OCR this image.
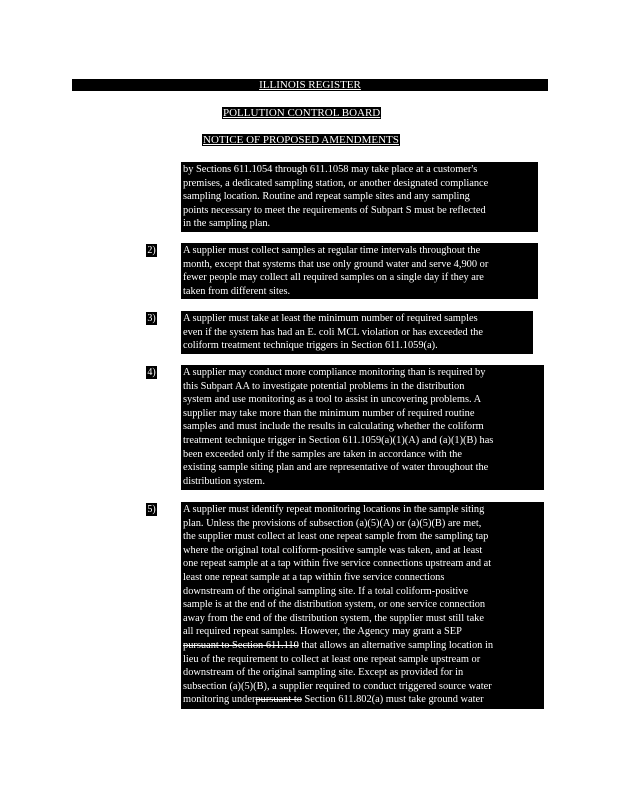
ILLINOIS REGISTER
POLLUTION CONTROL BOARD
NOTICE OF PROPOSED AMENDMENTS
by Sections 611.1054 through 611.1058 may take place at a customer's
premises, a dedicated sampling station, or another designated compliance
sampling location. Routine and repeat sample sites and any sampling
points necessary to meet the requirements of Subpart S must be reflected
in the sampling plan.
2)	A supplier must collect samples at regular time intervals throughout the
month, except that systems that use only ground water and serve 4,900 or
fewer people may collect all required samples on a single day if they are
taken from different sites.
3)	A supplier must take at least the minimum number of required samples
even if the system has had an E. coli MCL violation or has exceeded the
coliform treatment technique triggers in Section 611.1059(a).
4)	A supplier may conduct more compliance monitoring than is required by
this Subpart AA to investigate potential problems in the distribution
system and use monitoring as a tool to assist in uncovering problems. A
supplier may take more than the minimum number of required routine
samples and must include the results in calculating whether the coliform
treatment technique trigger in Section 611.1059(a)(1)(A) and (a)(1)(B) has
been exceeded only if the samples are taken in accordance with the
existing sample siting plan and are representative of water throughout the
distribution system.
5)	A supplier must identify repeat monitoring locations in the sample siting
plan. Unless the provisions of subsection (a)(5)(A) or (a)(5)(B) are met,
the supplier must collect at least one repeat sample from the sampling tap
where the original total coliform-positive sample was taken, and at least
one repeat sample at a tap within five service connections upstream and at
least one repeat sample at a tap within five service connections
downstream of the original sampling site. If a total coliform-positive
sample is at the end of the distribution system, or one service connection
away from the end of the distribution system, the supplier must still take
all required repeat samples. However, the Agency may grant a SEP
pursuant to Section 611.110 that allows an alternative sampling location in
lieu of the requirement to collect at least one repeat sample upstream or
downstream of the original sampling site. Except as provided for in
subsection (a)(5)(B), a supplier required to conduct triggered source water
monitoring underpursuant to Section 611.802(a) must take ground water
